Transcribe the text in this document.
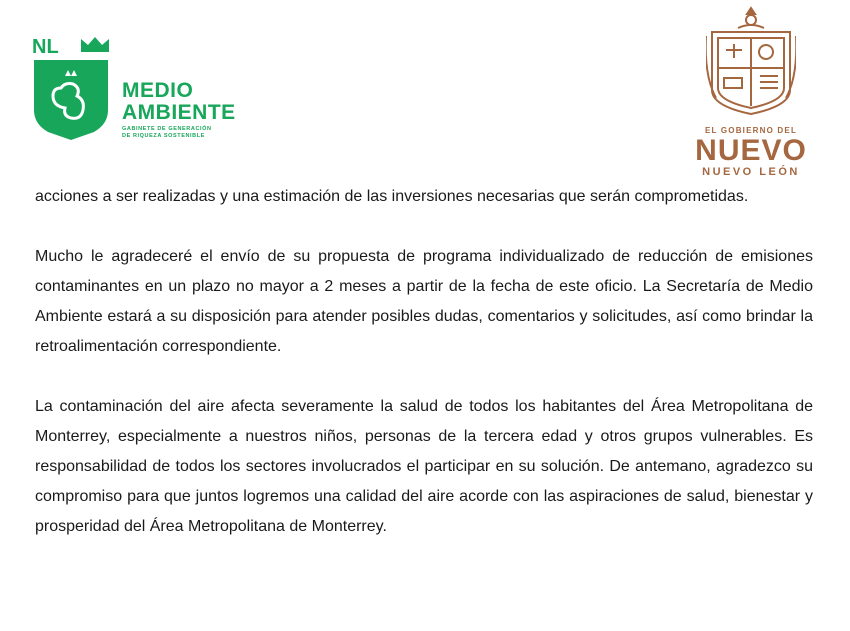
NL
MEDIO
AMBIENTE
GABINETE DE GENERACIÓN
DE RIQUEZA SOSTENIBLE
EL GOBIERNO DEL
NUEVO
NUEVO LEÓN

acciones a ser realizadas y una estimación de las inversiones necesarias que serán comprometidas.

Mucho le agradeceré el envío de su propuesta de programa individualizado de reducción de emisiones contaminantes en un plazo no mayor a 2 meses a partir de la fecha de este oficio. La Secretaría de Medio Ambiente estará a su disposición para atender posibles dudas, comentarios y solicitudes, así como brindar la retroalimentación correspondiente.

La contaminación del aire afecta severamente la salud de todos los habitantes del Área Metropolitana de Monterrey, especialmente a nuestros niños, personas de la tercera edad y otros grupos vulnerables. Es responsabilidad de todos los sectores involucrados el participar en su solución. De antemano, agradezco su compromiso para que juntos logremos una calidad del aire acorde con las aspiraciones de salud, bienestar y prosperidad del Área Metropolitana de Monterrey.
